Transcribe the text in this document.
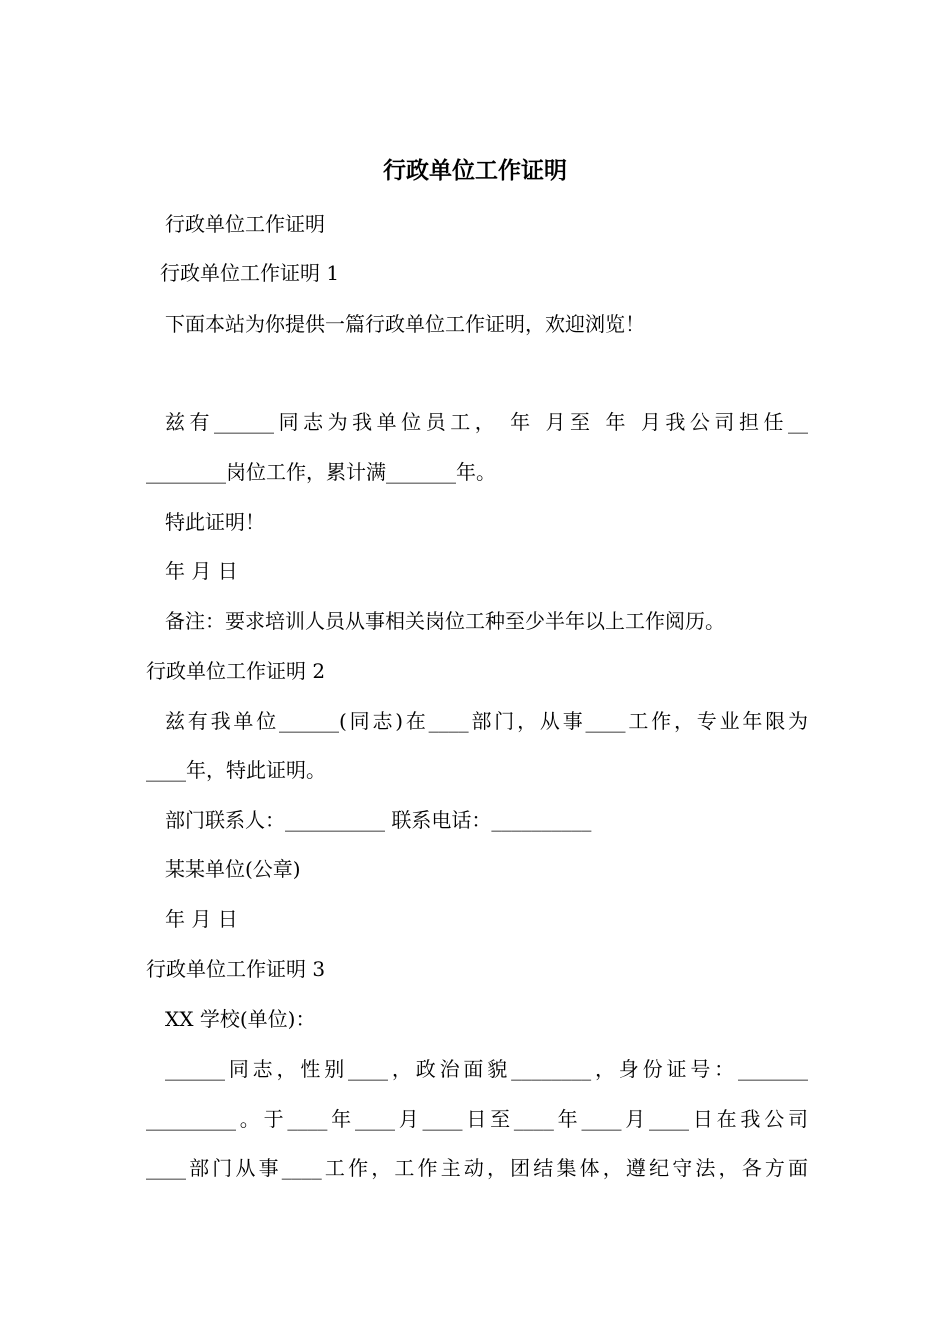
行政单位工作证明
行政单位工作证明
行政单位工作证明 1
下面本站为你提供一篇行政单位工作证明，欢迎浏览！
兹有______同志为我单位员工， 年 月至 年 月我公司担任__
________岗位工作，累计满_______年。
特此证明！
年 月 日
备注：要求培训人员从事相关岗位工种至少半年以上工作阅历。
行政单位工作证明 2
兹有我单位______(同志)在____部门，从事____工作，专业年限为
____年，特此证明。
部门联系人：__________ 联系电话：__________
某某单位(公章)
年 月 日
行政单位工作证明 3
XX 学校(单位)：
______同志，性别____，政治面貌________，身份证号：_______
_________。于____年____月____日至____年____月____日在我公司
____部门从事____工作，工作主动，团结集体，遵纪守法，各方面
